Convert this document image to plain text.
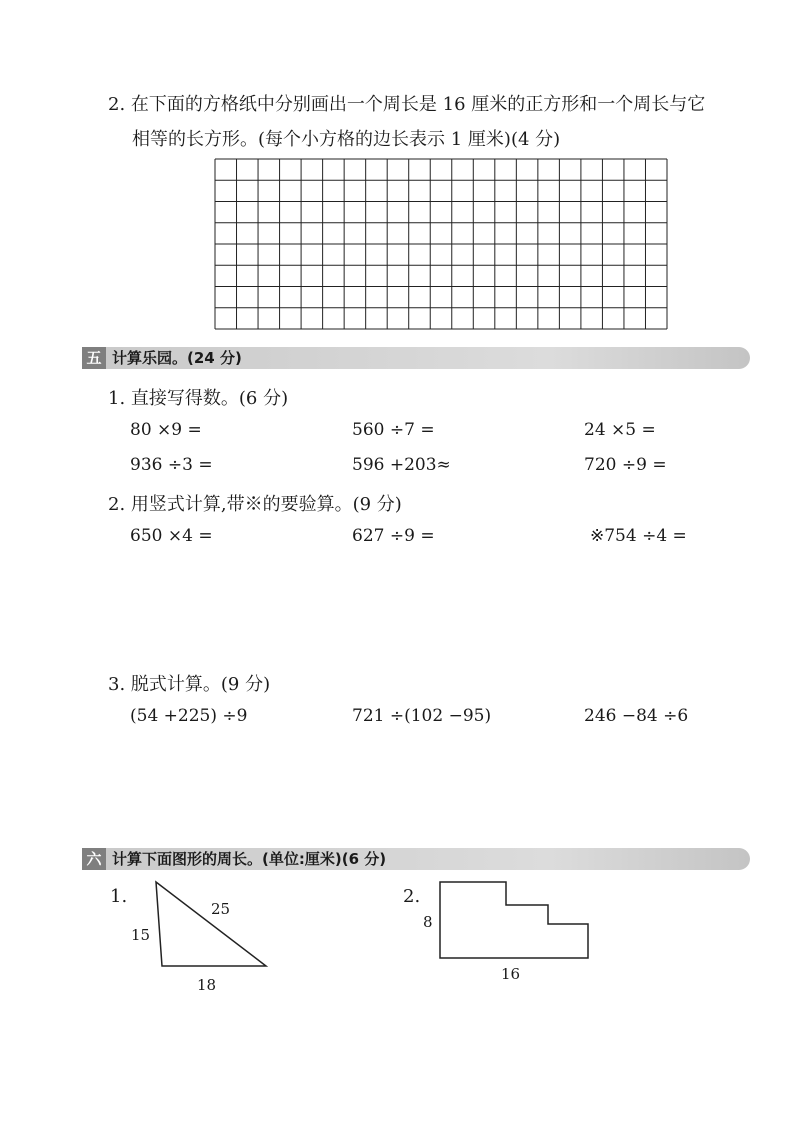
2. 在下面的方格纸中分别画出一个周长是 16 厘米的正方形和一个周长与它
相等的长方形。(每个小方格的边长表示 1 厘米)(4 分)
五 计算乐园。(24 分)
1. 直接写得数。(6 分)
80 ×9 =	560 ÷7 =	24 ×5 =
936 ÷3 =	596 +203≈	720 ÷9 =
2. 用竖式计算,带※的要验算。(9 分)
650 ×4 =	627 ÷9 =	※754 ÷4 =
3. 脱式计算。(9 分)
(54 +225) ÷9	721 ÷(102 −95)	246 −84 ÷6
六 计算下面图形的周长。(单位:厘米)(6 分)
1.
25
15
18
2.
8
16
